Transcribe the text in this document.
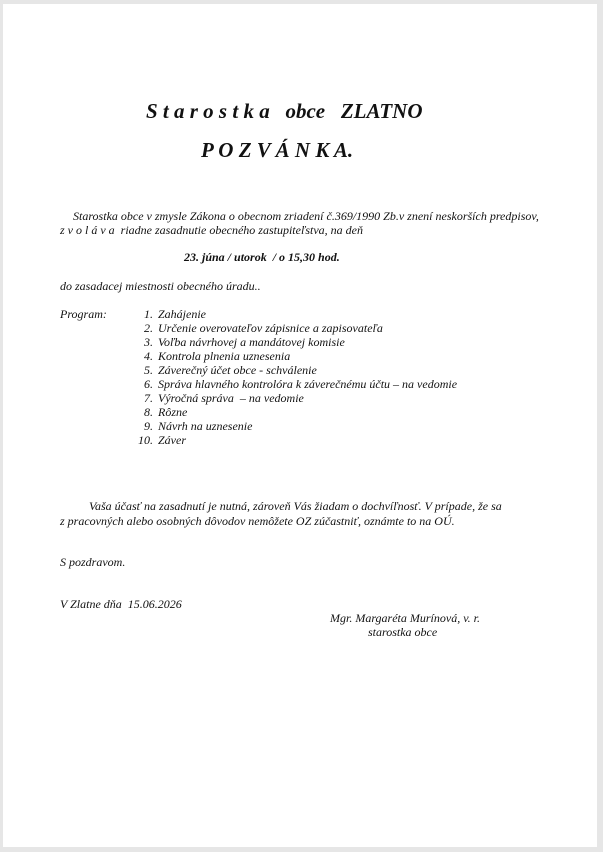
S t a r o s t k a   obce   ZLATNO
P O Z V Á N K A.
Starostka obce v zmysle Zákona o obecnom zriadení č.369/1990 Zb.v znení neskorších predpisov,
z v o l á v a  riadne zasadnutie obecného zastupiteľstva, na deň
23. júna / utorok  / o 15,30 hod.
do zasadacej miestnosti obecného úradu..
Program:	1. Zahájenie
2. Určenie overovateľov zápisnice a zapisovateľa
3. Voľba návrhovej a mandátovej komisie
4. Kontrola plnenia uznesenia
5. Záverečný účet obce - schválenie
6. Správa hlavného kontrolóra k záverečnému účtu – na vedomie
7. Výročná správa  – na vedomie
8. Rôzne
9. Návrh na uznesenie
10. Záver
Vaša účasť na zasadnutí je nutná, zároveň Vás žiadam o dochvíľnosť. V prípade, že sa
z pracovných alebo osobných dôvodov nemôžete OZ zúčastniť, oznámte to na OÚ.
S pozdravom.
V Zlatne dňa  15.06.2026
Mgr. Margaréta Murínová, v. r.
starostka obce
